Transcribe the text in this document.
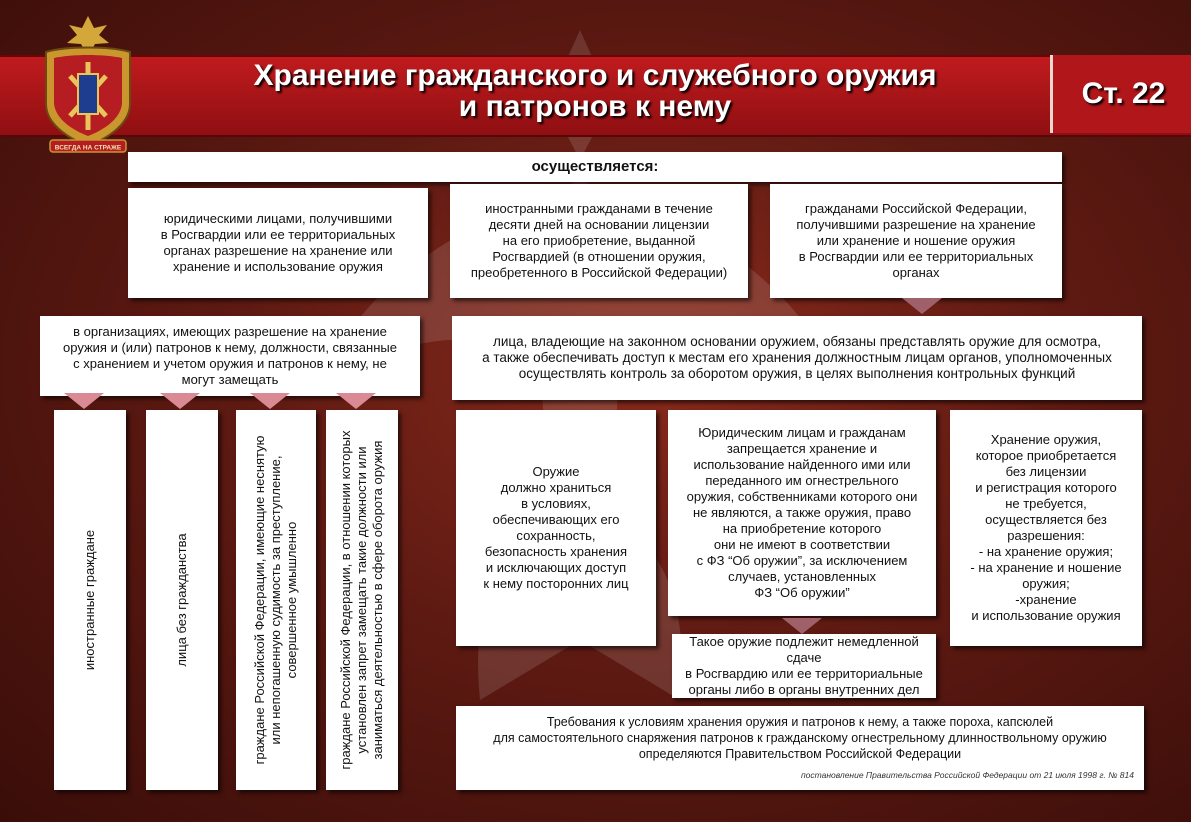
ВСЕГДА НА СТРАЖЕ
Хранение гражданского и служебного оружия
и патронов к нему	Ст. 22
осуществляется:
юридическими лицами, получившими
в Росгвардии или ее территориальных
органах разрешение на хранение или
хранение и использование оружия
иностранными гражданами в течение
десяти дней на основании лицензии
на его приобретение, выданной
Росгвардией (в отношении оружия,
преобретенного в Российской Федерации)
гражданами Российской Федерации,
получившими разрешение на хранение
или хранение и ношение оружия
в Росгвардии или ее территориальных
органах
в организациях, имеющих разрешение на хранение
оружия и (или) патронов к нему, должности, связанные
с хранением и учетом оружия и патронов к нему, не
могут замещать
иностранные граждане	лица без гражданства
граждане Российской Федерации, имеющие неснятую
или непогашенную судимость за преступление,
совершенное умышленно
граждане Российской Федерации, в отношении которых
установлен запрет замещать такие должности или
заниматься деятельностью в сфере оборота оружия
лица, владеющие на законном основании оружием, обязаны представлять оружие для осмотра,
а также обеспечивать доступ к местам его хранения должностным лицам органов, уполномоченных
осуществлять контроль за оборотом оружия, в целях выполнения контрольных функций
Оружие
должно храниться
в условиях,
обеспечивающих его
сохранность,
безопасность хранения
и исключающих доступ
к нему посторонних лиц
Юридическим лицам и гражданам
запрещается хранение и
использование найденного ими или
переданного им огнестрельного
оружия, собственниками которого они
не являются, а также оружия, право
на приобретение которого
они не имеют в соответствии
с ФЗ “Об оружии”, за исключением
случаев, установленных
ФЗ “Об оружии”
Такое оружие подлежит немедленной сдаче
в Росгвардию или ее территориальные
органы либо в органы внутренних дел
Хранение оружия,
которое приобретается
без лицензии
и регистрация которого
не требуется,
осуществляется без
разрешения:
- на хранение оружия;
- на хранение и ношение
оружия;
-хранение
и использование оружия
Требования к условиям хранения оружия и патронов к нему, а также пороха, капсюлей
для самостоятельного снаряжения патронов к гражданскому огнестрельному длинноствольному оружию
определяются Правительством Российской Федерации
постановление Правительства Российской Федерации от 21 июля 1998 г. № 814
